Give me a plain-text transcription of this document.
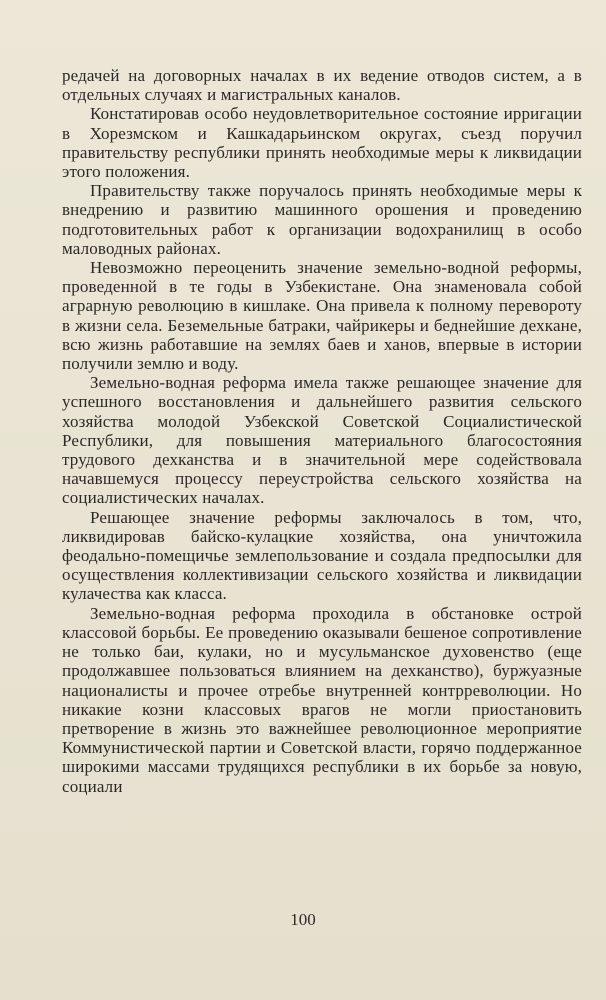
редачей на договорных началах в их ведение отводов систем, а в отдельных случаях и магистральных каналов.

Констатировав особо неудовлетворительное состояние ирригации в Хорезмском и Кашкадарьинском округах, съезд поручил правительству республики принять необходимые меры к ликвидации этого положения.

Правительству также поручалось принять необходимые меры к внедрению и развитию машинного орошения и проведению подготовительных работ к организации водохранилищ в особо маловодных районах.

Невозможно переоценить значение земельно-водной реформы, проведенной в те годы в Узбекистане. Она знаменовала собой аграрную революцию в кишлаке. Она привела к полному перевороту в жизни села. Беземельные батраки, чайрикеры и беднейшие дехкане, всю жизнь работавшие на землях баев и ханов, впервые в истории получили землю и воду.

Земельно-водная реформа имела также решающее значение для успешного восстановления и дальнейшего развития сельского хозяйства молодой Узбекской Советской Социалистической Республики, для повышения материального благосостояния трудового дехканства и в значительной мере содействовала начавшемуся процессу переустройства сельского хозяйства на социалистических началах.

Решающее значение реформы заключалось в том, что, ликвидировав байско-кулацкие хозяйства, она уничтожила феодально-помещичье землепользование и создала предпосылки для осуществления коллективизации сельского хозяйства и ликвидации кулачества как класса.

Земельно-водная реформа проходила в обстановке острой классовой борьбы. Ее проведению оказывали бешеное сопротивление не только баи, кулаки, но и мусульманское духовенство (еще продолжавшее пользоваться влиянием на дехканство), буржуазные националисты и прочее отребье внутренней контрреволюции. Но никакие козни классовых врагов не могли приостановить претворение в жизнь это важнейшее революционное мероприятие Коммунистической партии и Советской власти, горячо поддержанное широкими массами трудящихся республики в их борьбе за новую, социали

100
